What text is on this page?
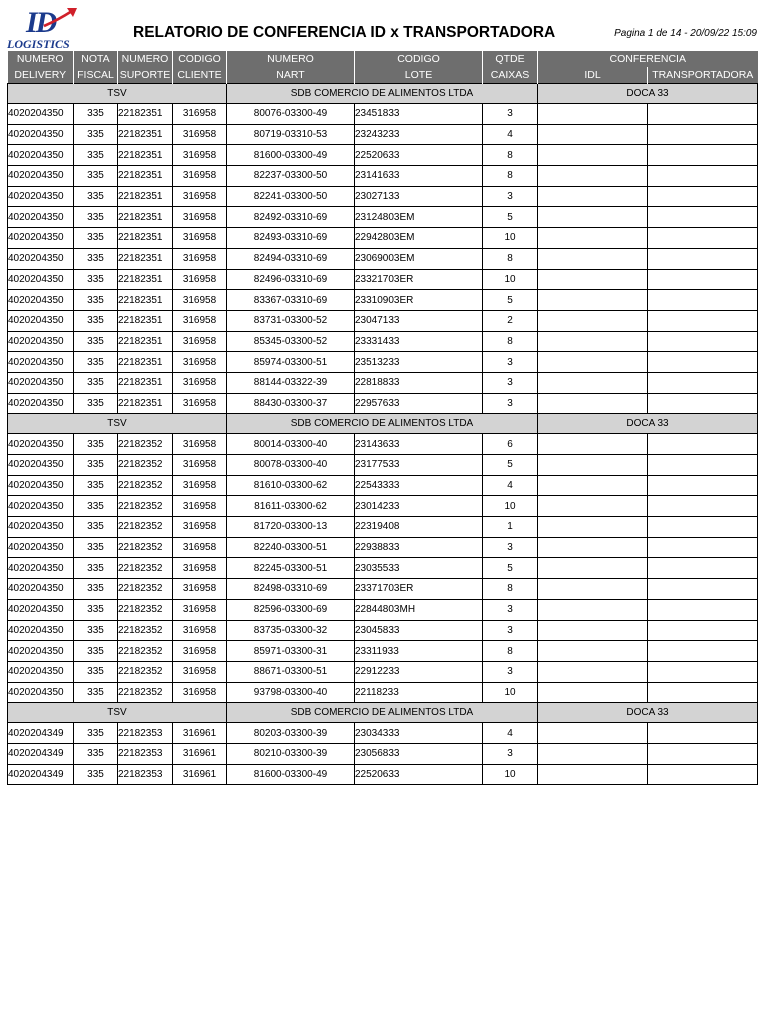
ID
LOGISTICS
RELATORIO DE CONFERENCIA ID x TRANSPORTADORA	Pagina 1 de 14 - 20/09/22 15:09
NUMERO	NOTA	NUMERO	CODIGO	NUMERO	CODIGO	QTDE	CONFERENCIA	
DELIVERY	FISCAL	SUPORTE	CLIENTE	NART	LOTE	CAIXAS	IDL	TRANSPORTADORA
TSV				SDB COMERCIO DE ALIMENTOS LTDA			DOCA 33	
4020204350	335	22182351	316958	80076-03300-49	23451833	3		
4020204350	335	22182351	316958	80719-03310-53	23243233	4		
4020204350	335	22182351	316958	81600-03300-49	22520633	8		
4020204350	335	22182351	316958	82237-03300-50	23141633	8		
4020204350	335	22182351	316958	82241-03300-50	23027133	3		
4020204350	335	22182351	316958	82492-03310-69	23124803EM	5		
4020204350	335	22182351	316958	82493-03310-69	22942803EM	10		
4020204350	335	22182351	316958	82494-03310-69	23069003EM	8		
4020204350	335	22182351	316958	82496-03310-69	23321703ER	10		
4020204350	335	22182351	316958	83367-03310-69	23310903ER	5		
4020204350	335	22182351	316958	83731-03300-52	23047133	2		
4020204350	335	22182351	316958	85345-03300-52	23331433	8		
4020204350	335	22182351	316958	85974-03300-51	23513233	3		
4020204350	335	22182351	316958	88144-03322-39	22818833	3		
4020204350	335	22182351	316958	88430-03300-37	22957633	3		
TSV				SDB COMERCIO DE ALIMENTOS LTDA			DOCA 33	
4020204350	335	22182352	316958	80014-03300-40	23143633	6		
4020204350	335	22182352	316958	80078-03300-40	23177533	5		
4020204350	335	22182352	316958	81610-03300-62	22543333	4		
4020204350	335	22182352	316958	81611-03300-62	23014233	10		
4020204350	335	22182352	316958	81720-03300-13	22319408	1		
4020204350	335	22182352	316958	82240-03300-51	22938833	3		
4020204350	335	22182352	316958	82245-03300-51	23035533	5		
4020204350	335	22182352	316958	82498-03310-69	23371703ER	8		
4020204350	335	22182352	316958	82596-03300-69	22844803MH	3		
4020204350	335	22182352	316958	83735-03300-32	23045833	3		
4020204350	335	22182352	316958	85971-03300-31	23311933	8		
4020204350	335	22182352	316958	88671-03300-51	22912233	3		
4020204350	335	22182352	316958	93798-03300-40	22118233	10		
TSV				SDB COMERCIO DE ALIMENTOS LTDA			DOCA 33	
4020204349	335	22182353	316961	80203-03300-39	23034333	4		
4020204349	335	22182353	316961	80210-03300-39	23056833	3		
4020204349	335	22182353	316961	81600-03300-49	22520633	10		
